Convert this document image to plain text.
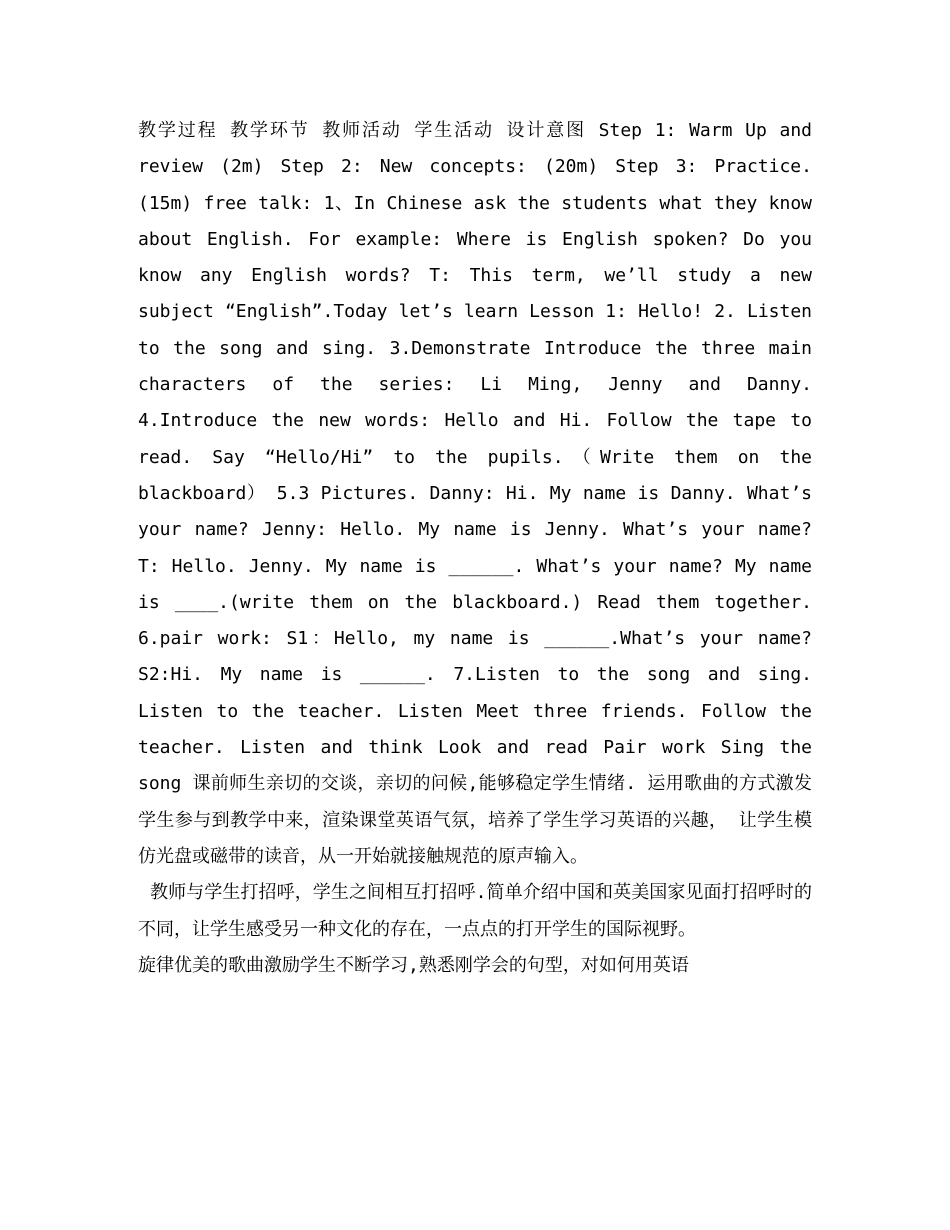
教学过程 教学环节 教师活动 学生活动 设计意图 Step 1: Warm Up and review (2m) Step 2: New concepts: (20m) Step 3: Practice. (15m) free talk: 1、In Chinese ask the students what they know about English. For example: Where is English spoken? Do you know any English words? T: This term, we’ll study a new subject “English”.Today let’s learn Lesson 1: Hello! 2. Listen to the song and sing. 3.Demonstrate Introduce the three main characters of the series: Li Ming, Jenny and Danny. 4.Introduce the new words: Hello and Hi. Follow the tape to read. Say “Hello/Hi” to the pupils.（Write them on the blackboard） 5.3 Pictures. Danny: Hi. My name is Danny. What’s your name? Jenny: Hello. My name is Jenny. What’s your name? T: Hello. Jenny. My name is ______. What’s your name? My name is ____.(write them on the blackboard.) Read them together. 6.pair work: S1：Hello, my name is ______.What’s your name? S2:Hi. My name is ______. 7.Listen to the song and sing. Listen to the teacher. Listen Meet three friends. Follow the teacher. Listen and think Look and read Pair work Sing the song 课前师生亲切的交谈，亲切的问候,能够稳定学生情绪. 运用歌曲的方式激发学生参与到教学中来，渲染课堂英语气氛，培养了学生学习英语的兴趣， 让学生模仿光盘或磁带的读音，从一开始就接触规范的原声输入。

教师与学生打招呼，学生之间相互打招呼.简单介绍中国和英美国家见面打招呼时的不同，让学生感受另一种文化的存在，一点点的打开学生的国际视野。

旋律优美的歌曲激励学生不断学习,熟悉刚学会的句型，对如何用英语
